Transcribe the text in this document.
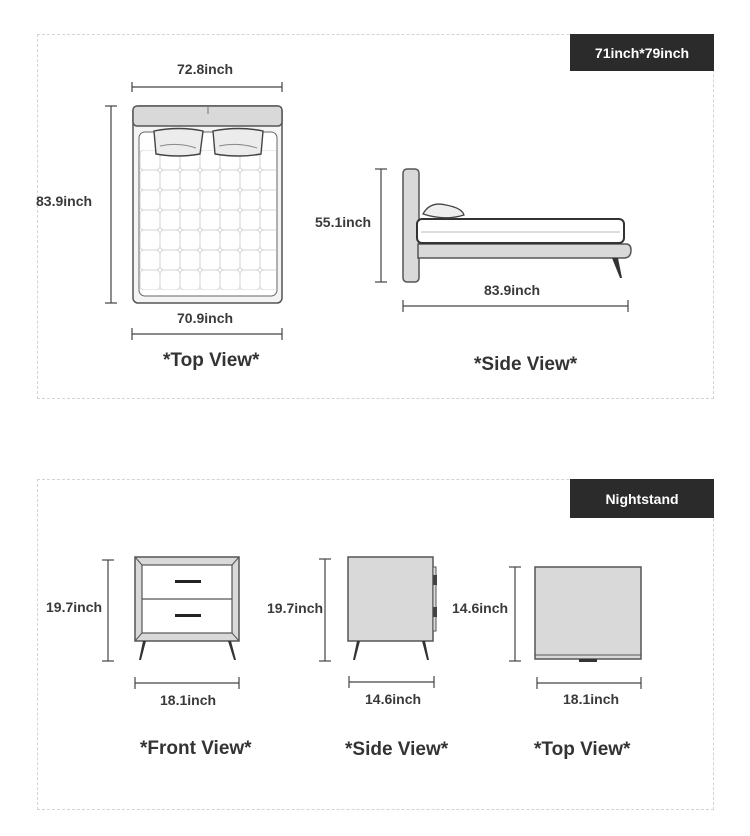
71inch*79inch
Nightstand
72.8inch
83.9inch
70.9inch
*Top View*
55.1inch
83.9inch
*Side View*
19.7inch
18.1inch
*Front View*
19.7inch
14.6inch
*Side View*
14.6inch
18.1inch
*Top View*
